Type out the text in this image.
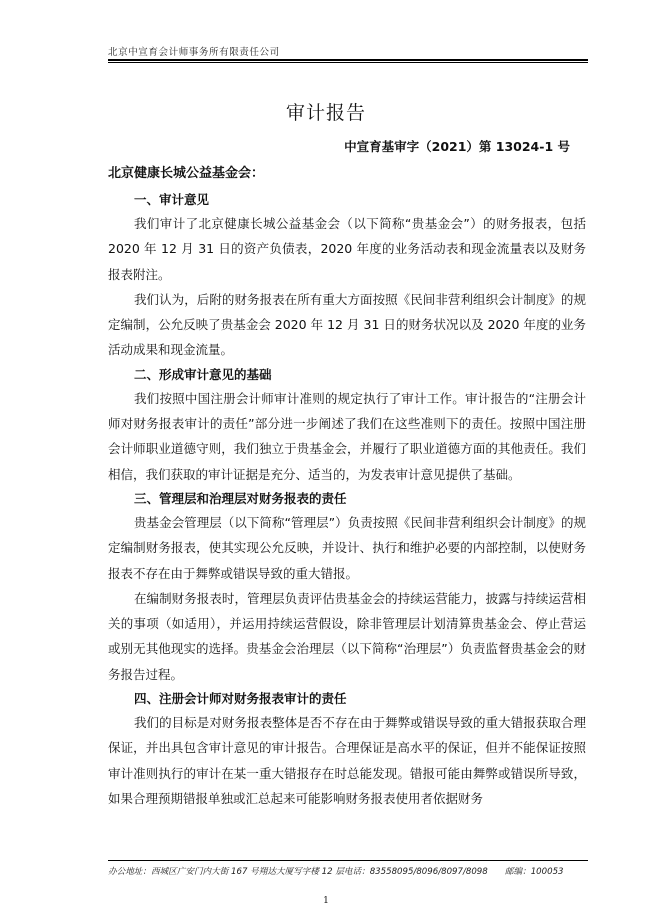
北京中宣育会计师事务所有限责任公司
审计报告
中宣育基审字（2021）第 13024-1 号
北京健康长城公益基金会：
一、审计意见

我们审计了北京健康长城公益基金会（以下简称“贵基金会”）的财务报表，包括 2020 年 12 月 31 日的资产负债表，2020 年度的业务活动表和现金流量表以及财务报表附注。

我们认为，后附的财务报表在所有重大方面按照《民间非营利组织会计制度》的规定编制，公允反映了贵基金会 2020 年 12 月 31 日的财务状况以及 2020 年度的业务活动成果和现金流量。

二、形成审计意见的基础

我们按照中国注册会计师审计准则的规定执行了审计工作。审计报告的“注册会计师对财务报表审计的责任”部分进一步阐述了我们在这些准则下的责任。按照中国注册会计师职业道德守则，我们独立于贵基金会，并履行了职业道德方面的其他责任。我们相信，我们获取的审计证据是充分、适当的，为发表审计意见提供了基础。

三、管理层和治理层对财务报表的责任

贵基金会管理层（以下简称“管理层”）负责按照《民间非营利组织会计制度》的规定编制财务报表，使其实现公允反映，并设计、执行和维护必要的内部控制，以使财务报表不存在由于舞弊或错误导致的重大错报。

在编制财务报表时，管理层负责评估贵基金会的持续运营能力，披露与持续运营相关的事项（如适用），并运用持续运营假设，除非管理层计划清算贵基金会、停止营运或别无其他现实的选择。贵基金会治理层（以下简称“治理层”）负责监督贵基金会的财务报告过程。

四、注册会计师对财务报表审计的责任

我们的目标是对财务报表整体是否不存在由于舞弊或错误导致的重大错报获取合理保证，并出具包含审计意见的审计报告。合理保证是高水平的保证，但并不能保证按照审计准则执行的审计在某一重大错报存在时总能发现。错报可能由舞弊或错误所导致，如果合理预期错报单独或汇总起来可能影响财务报表使用者依据财务

办公地址：西城区广安门内大街 167 号翔达大厦写字楼 12 层电话：83558095/8096/8097/8098　　邮编：100053
1
